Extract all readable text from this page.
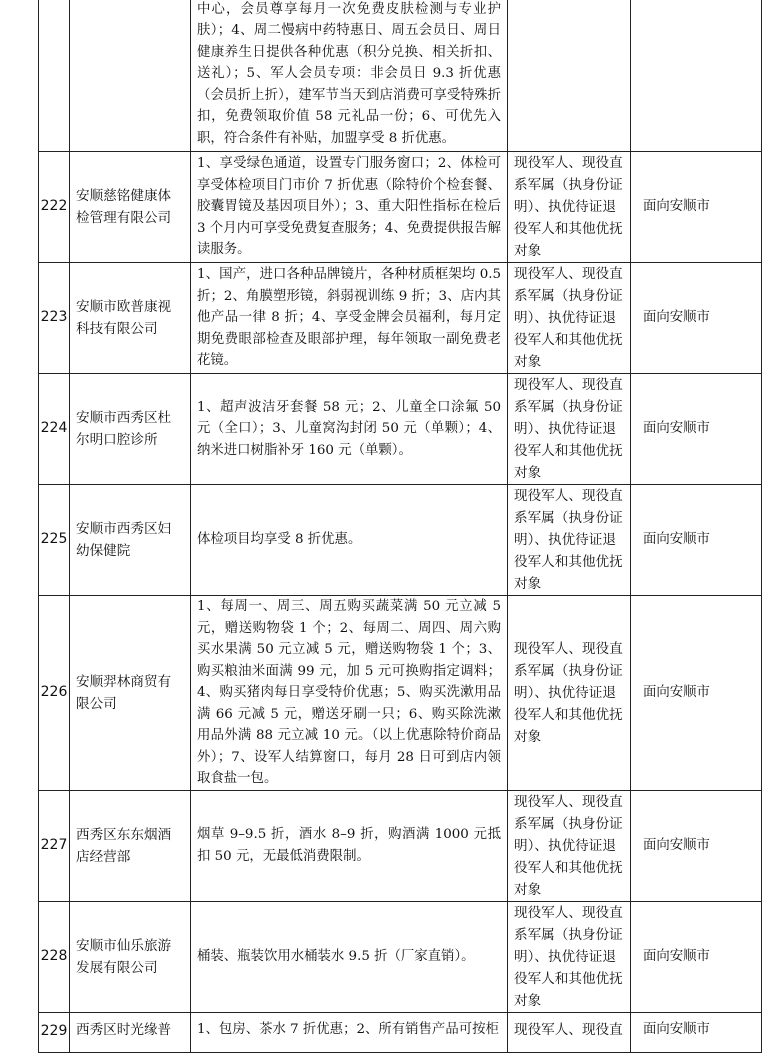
		中心，会员尊享每月一次免费皮肤检测与专业护肤）；4、周二慢病中药特惠日、周五会员日、周日健康养生日提供各种优惠（积分兑换、相关折扣、送礼）；5、军人会员专项：非会员日 9.3 折优惠（会员折上折），建军节当天到店消费可享受特殊折扣，免费领取价值 58 元礼品一份；6、可优先入职，符合条件有补贴，加盟享受 8 折优惠。		
222	安顺慈铭健康体检管理有限公司	1、享受绿色通道，设置专门服务窗口；2、体检可享受体检项目门市价 7 折优惠（除特价个检套餐、胶囊胃镜及基因项目外）；3、重大阳性指标在检后 3 个月内可享受免费复查服务；4、免费提供报告解读服务。	现役军人、现役直系军属（执身份证明）、执优待证退役军人和其他优抚对象	面向安顺市
223	安顺市欧普康视科技有限公司	1、国产，进口各种品牌镜片，各种材质框架均 0.5 折；2、角膜塑形镜，斜弱视训练 9 折；3、店内其他产品一律 8 折；4、享受金牌会员福利，每月定期免费眼部检查及眼部护理，每年领取一副免费老花镜。	现役军人、现役直系军属（执身份证明）、执优待证退役军人和其他优抚对象	面向安顺市
224	安顺市西秀区杜尔明口腔诊所	1、超声波洁牙套餐 58 元；2、儿童全口涂氟 50 元（全口）；3、儿童窝沟封闭 50 元（单颗）；4、纳米进口树脂补牙 160 元（单颗）。	现役军人、现役直系军属（执身份证明）、执优待证退役军人和其他优抚对象	面向安顺市
225	安顺市西秀区妇幼保健院	体检项目均享受 8 折优惠。	现役军人、现役直系军属（执身份证明）、执优待证退役军人和其他优抚对象	面向安顺市
226	安顺羿林商贸有限公司	1、每周一、周三、周五购买蔬菜满 50 元立减 5 元，赠送购物袋 1 个；2、每周二、周四、周六购买水果满 50 元立减 5 元，赠送购物袋 1 个；3、购买粮油米面满 99 元，加 5 元可换购指定调料；4、购买猪肉每日享受特价优惠；5、购买洗漱用品满 66 元减 5 元，赠送牙刷一只；6、购买除洗漱用品外满 88 元立减 10 元。（以上优惠除特价商品外）；7、设军人结算窗口，每月 28 日可到店内领取食盐一包。	现役军人、现役直系军属（执身份证明）、执优待证退役军人和其他优抚对象	面向安顺市
227	西秀区东东烟酒店经营部	烟草 9–9.5 折，酒水 8–9 折，购酒满 1000 元抵扣 50 元，无最低消费限制。	现役军人、现役直系军属（执身份证明）、执优待证退役军人和其他优抚对象	面向安顺市
228	安顺市仙乐旅游发展有限公司	桶装、瓶装饮用水桶装水 9.5 折（厂家直销）。	现役军人、现役直系军属（执身份证明）、执优待证退役军人和其他优抚对象	面向安顺市
229	西秀区时光缘普	1、包房、茶水 7 折优惠；2、所有销售产品可按柜	现役军人、现役直	面向安顺市
